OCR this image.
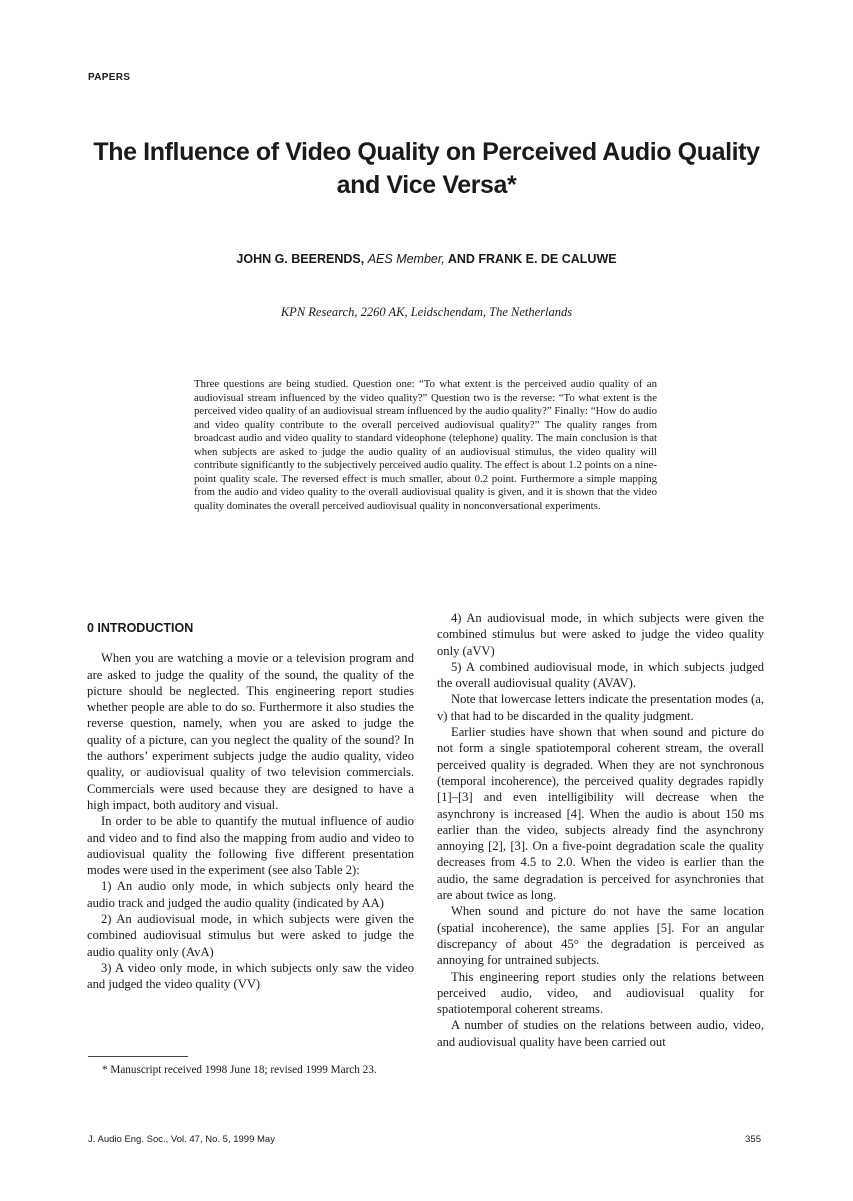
PAPERS
The Influence of Video Quality on Perceived Audio Quality
and Vice Versa*
JOHN G. BEERENDS, AES Member, AND FRANK E. DE CALUWE
KPN Research, 2260 AK, Leidschendam, The Netherlands
Three questions are being studied. Question one: “To what extent is the perceived audio quality of an audiovisual stream influenced by the video quality?” Question two is the reverse: “To what extent is the perceived video quality of an audiovisual stream influenced by the audio quality?” Finally: “How do audio and video quality contribute to the overall perceived audiovisual quality?” The quality ranges from broadcast audio and video quality to standard videophone (telephone) quality. The main conclusion is that when subjects are asked to judge the audio quality of an audiovisual stimulus, the video quality will contribute significantly to the subjectively perceived audio quality. The effect is about 1.2 points on a nine-point quality scale. The reversed effect is much smaller, about 0.2 point. Furthermore a simple mapping from the audio and video quality to the overall audiovisual quality is given, and it is shown that the video quality dominates the overall perceived audiovisual quality in nonconversational experiments.
0 INTRODUCTION

When you are watching a movie or a television program and are asked to judge the quality of the sound, the quality of the picture should be neglected. This engineering report studies whether people are able to do so. Furthermore it also studies the reverse question, namely, when you are asked to judge the quality of a picture, can you neglect the quality of the sound? In the authors’ experiment subjects judge the audio quality, video quality, or audiovisual quality of two television commercials. Commercials were used because they are designed to have a high impact, both auditory and visual.

In order to be able to quantify the mutual influence of audio and video and to find also the mapping from audio and video to audiovisual quality the following five different presentation modes were used in the experiment (see also Table 2):

1) An audio only mode, in which subjects only heard the audio track and judged the audio quality (indicated by AA)

2) An audiovisual mode, in which subjects were given the combined audiovisual stimulus but were asked to judge the audio quality only (AvA)

3) A video only mode, in which subjects only saw the video and judged the video quality (VV)

4) An audiovisual mode, in which subjects were given the combined stimulus but were asked to judge the video quality only (aVV)

5) A combined audiovisual mode, in which subjects judged the overall audiovisual quality (AVAV).

Note that lowercase letters indicate the presentation modes (a, v) that had to be discarded in the quality judgment.

Earlier studies have shown that when sound and picture do not form a single spatiotemporal coherent stream, the overall perceived quality is degraded. When they are not synchronous (temporal incoherence), the perceived quality degrades rapidly [1]–[3] and even intelligibility will decrease when the asynchrony is increased [4]. When the audio is about 150 ms earlier than the video, subjects already find the asynchrony annoying [2], [3]. On a five-point degradation scale the quality decreases from 4.5 to 2.0. When the video is earlier than the audio, the same degradation is perceived for asynchronies that are about twice as long.

When sound and picture do not have the same location (spatial incoherence), the same applies [5]. For an angular discrepancy of about 45° the degradation is perceived as annoying for untrained subjects.

This engineering report studies only the relations between perceived audio, video, and audiovisual quality for spatiotemporal coherent streams.

A number of studies on the relations between audio, video, and audiovisual quality have been carried out

* Manuscript received 1998 June 18; revised 1999 March 23.
J. Audio Eng. Soc., Vol. 47, No. 5, 1999 May	355
